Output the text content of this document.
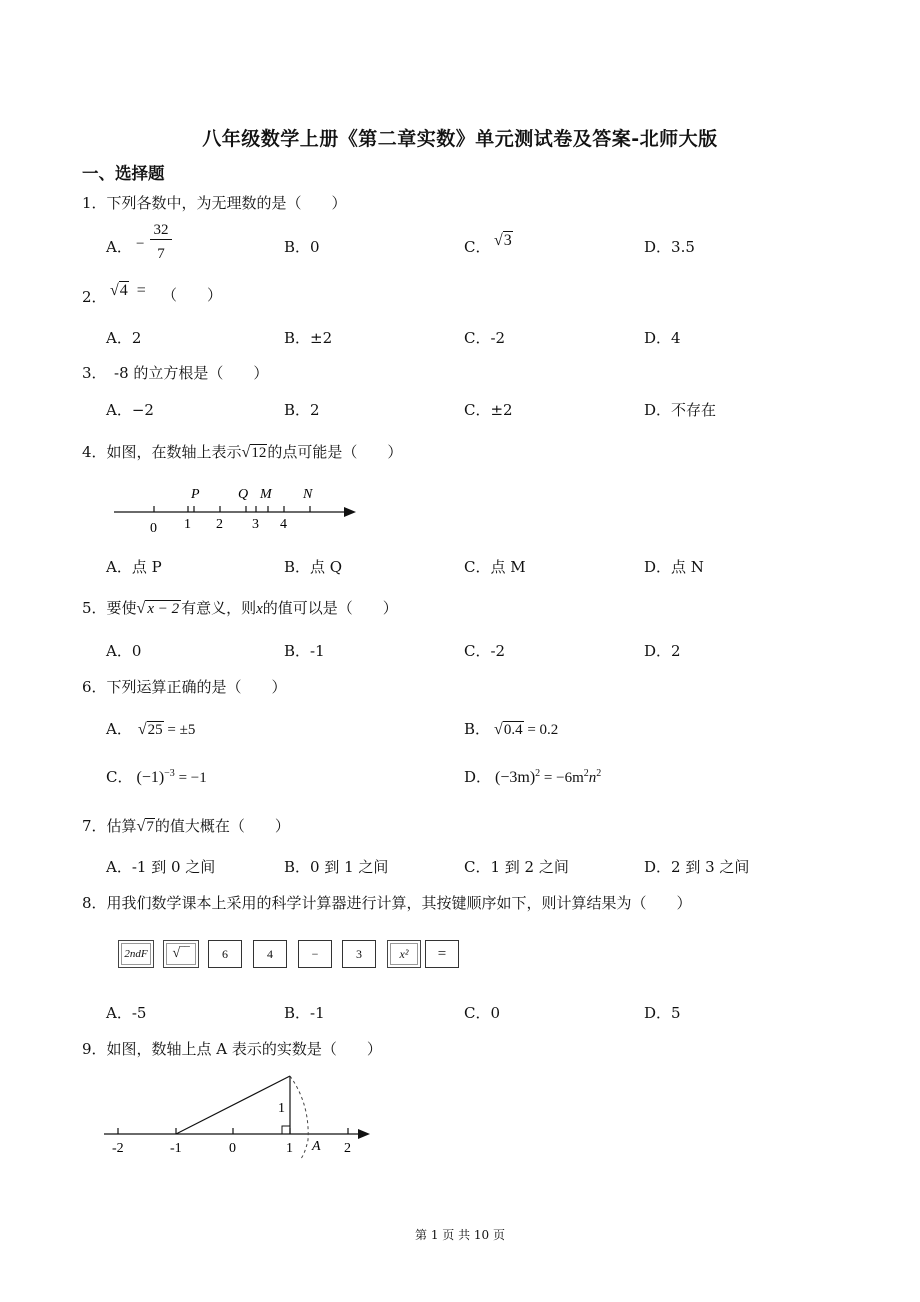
八年级数学上册《第二章实数》单元测试卷及答案-北师大版
一、选择题
1．下列各数中，为无理数的是（　　）
A． −
32
7	B．0	C． √3	D．3.5
2． √4 = （　　）
A．2	B．±2	C．-2	D．4
3．　-8 的立方根是（　　）
A．−2	B．2	C．±2	D．不存在
4．如图，在数轴上表示√12的点可能是（　　）
P	Q M N
0 1 2 3 4
A．点 P	B．点 Q	C．点 M	D．点 N
5．要使√ x − 2 有意义，则x的值可以是（　　）
A．0	B．-1	C．-2	D．2
6．下列运算正确的是（　　）
A． √25 = ±5	B． √0.4 = 0.2
C． $(-1)^{-3} = -1$	D． $(-3m)^2 = -6m^2n^2$
7．估算√7的值大概在（　　）
A．-1 到 0 之间	B．0 到 1 之间	C．1 到 2 之间	D．2 到 3 之间
8．用我们数学课本上采用的科学计算器进行计算，其按键顺序如下，则计算结果为（　　）
2ndF	√‾‾	6	4	−	3	x²	=
A．-5	B．-1	C．0	D．5
9．如图，数轴上点 A 表示的实数是（　　）
1
-2	-1	0	1 A 2
第 1 页 共 10 页
